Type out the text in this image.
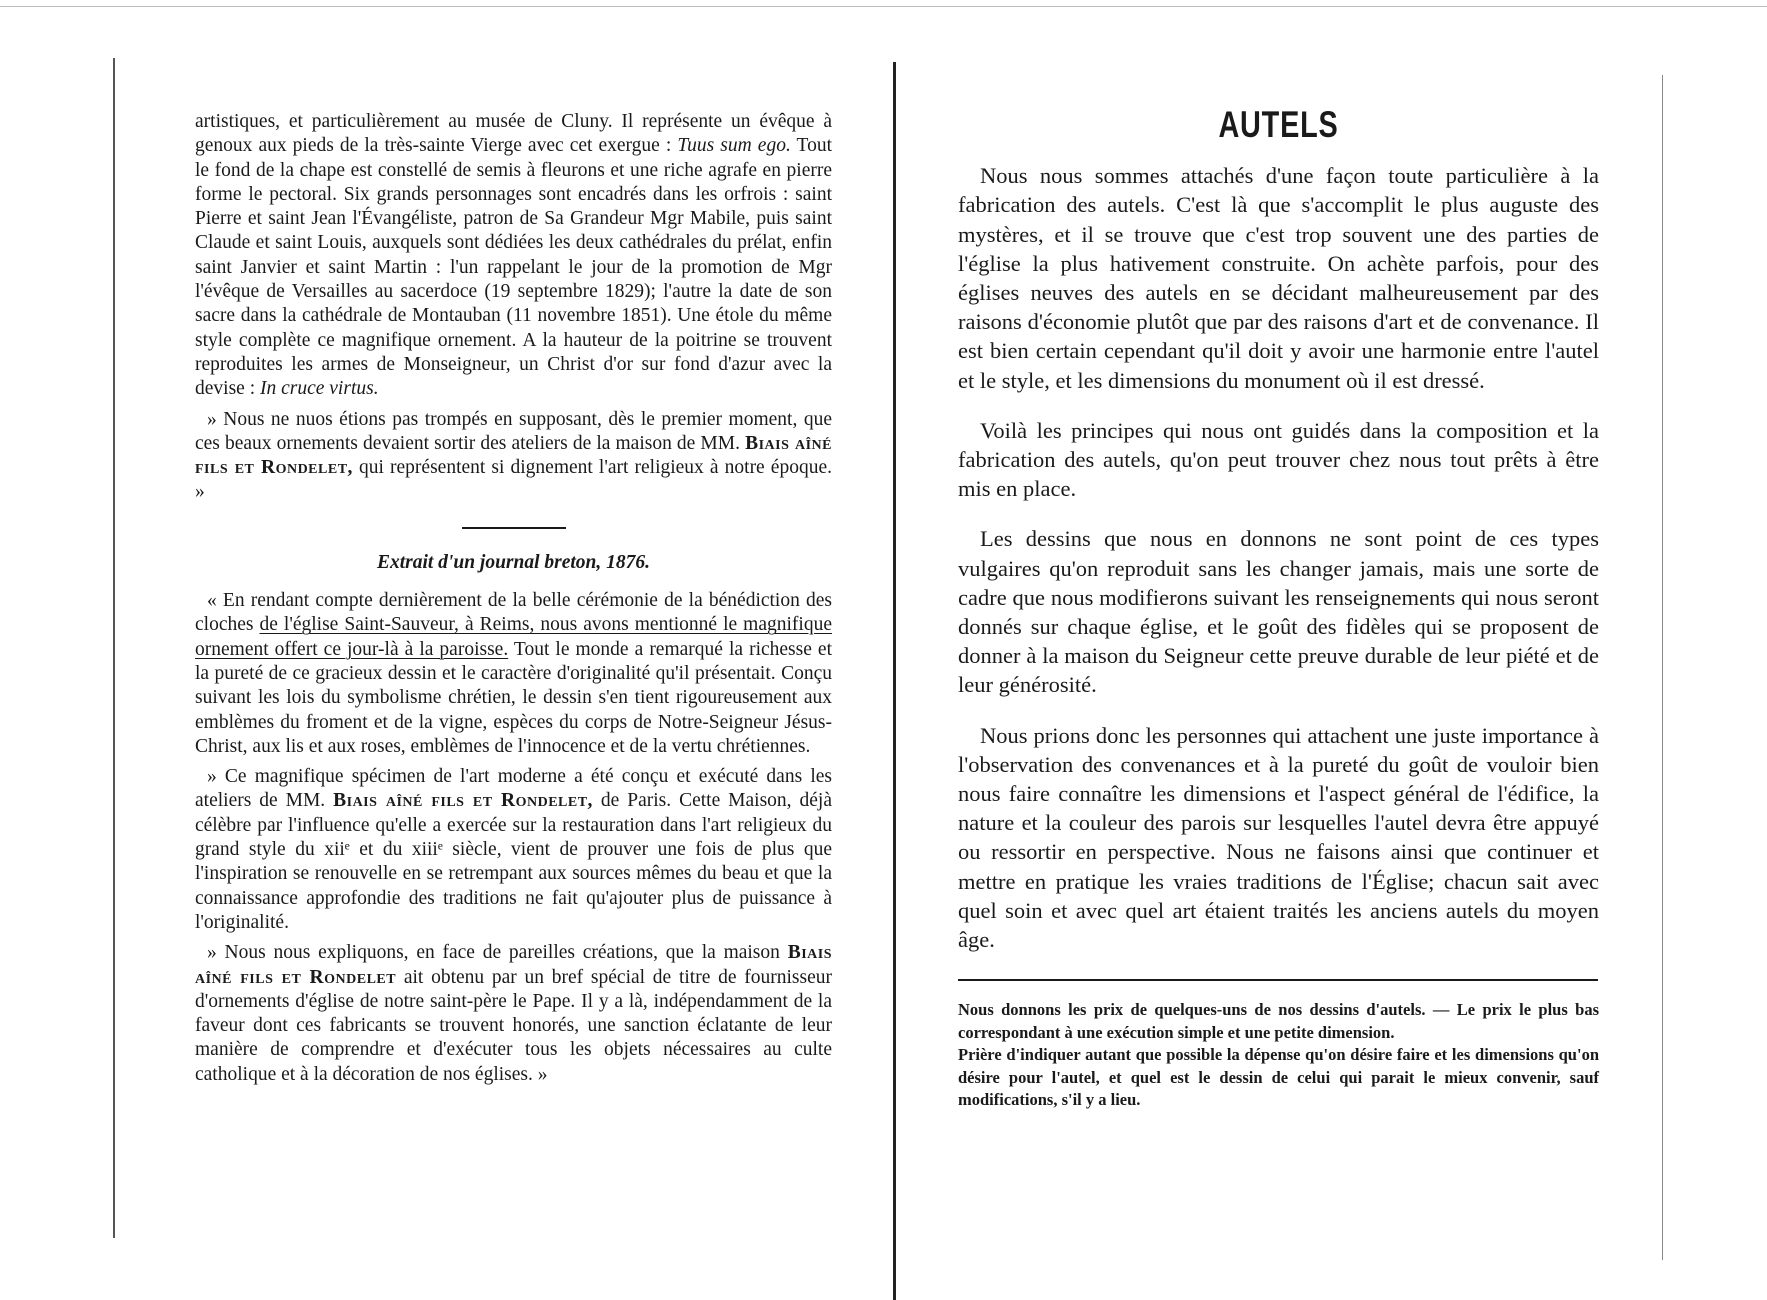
artistiques, et particulièrement au musée de Cluny. Il représente un évêque à genoux aux pieds de la très-sainte Vierge avec cet exergue : Tuus sum ego. Tout le fond de la chape est constellé de semis à fleurons et une riche agrafe en pierre forme le pectoral. Six grands personnages sont encadrés dans les orfrois : saint Pierre et saint Jean l'Évangéliste, patron de Sa Grandeur Mgr Mabile, puis saint Claude et saint Louis, auxquels sont dédiées les deux cathédrales du prélat, enfin saint Janvier et saint Martin : l'un rappelant le jour de la promotion de Mgr l'évêque de Versailles au sacerdoce (19 septembre 1829); l'autre la date de son sacre dans la cathédrale de Montauban (11 novembre 1851). Une étole du même style complète ce magnifique ornement. A la hauteur de la poitrine se trouvent reproduites les armes de Monseigneur, un Christ d'or sur fond d'azur avec la devise : In cruce virtus.

» Nous ne nuos étions pas trompés en supposant, dès le premier moment, que ces beaux ornements devaient sortir des ateliers de la maison de MM. Biais aîné fils et Rondelet, qui représentent si dignement l'art religieux à notre époque. »

Extrait d'un journal breton, 1876.

« En rendant compte dernièrement de la belle cérémonie de la bénédiction des cloches de l'église Saint-Sauveur, à Reims, nous avons mentionné le magnifique ornement offert ce jour-là à la paroisse. Tout le monde a remarqué la richesse et la pureté de ce gracieux dessin et le caractère d'originalité qu'il présentait. Conçu suivant les lois du symbolisme chrétien, le dessin s'en tient rigoureusement aux emblèmes du froment et de la vigne, espèces du corps de Notre-Seigneur Jésus-Christ, aux lis et aux roses, emblèmes de l'innocence et de la vertu chrétiennes.

» Ce magnifique spécimen de l'art moderne a été conçu et exécuté dans les ateliers de MM. Biais aîné fils et Rondelet, de Paris. Cette Maison, déjà célèbre par l'influence qu'elle a exercée sur la restauration dans l'art religieux du grand style du xiiᵉ et du xiiiᵉ siècle, vient de prouver une fois de plus que l'inspiration se renouvelle en se retrempant aux sources mêmes du beau et que la connaissance approfondie des traditions ne fait qu'ajouter plus de puissance à l'originalité.

» Nous nous expliquons, en face de pareilles créations, que la maison Biais aîné fils et Rondelet ait obtenu par un bref spécial de titre de fournisseur d'ornements d'église de notre saint-père le Pape. Il y a là, indépendamment de la faveur dont ces fabricants se trouvent honorés, une sanction éclatante de leur manière de comprendre et d'exécuter tous les objets nécessaires au culte catholique et à la décoration de nos églises. »

AUTELS

Nous nous sommes attachés d'une façon toute particulière à la fabrication des autels. C'est là que s'accomplit le plus auguste des mystères, et il se trouve que c'est trop souvent une des parties de l'église la plus hativement construite. On achète parfois, pour des églises neuves des autels en se décidant malheureusement par des raisons d'économie plutôt que par des raisons d'art et de convenance. Il est bien certain cependant qu'il doit y avoir une harmonie entre l'autel et le style, et les dimensions du monument où il est dressé.

Voilà les principes qui nous ont guidés dans la composition et la fabrication des autels, qu'on peut trouver chez nous tout prêts à être mis en place.

Les dessins que nous en donnons ne sont point de ces types vulgaires qu'on reproduit sans les changer jamais, mais une sorte de cadre que nous modifierons suivant les renseignements qui nous seront donnés sur chaque église, et le goût des fidèles qui se proposent de donner à la maison du Seigneur cette preuve durable de leur piété et de leur générosité.

Nous prions donc les personnes qui attachent une juste importance à l'observation des convenances et à la pureté du goût de vouloir bien nous faire connaître les dimensions et l'aspect général de l'édifice, la nature et la couleur des parois sur lesquelles l'autel devra être appuyé ou ressortir en perspective. Nous ne faisons ainsi que continuer et mettre en pratique les vraies traditions de l'Église; chacun sait avec quel soin et avec quel art étaient traités les anciens autels du moyen âge.

Nous donnons les prix de quelques-uns de nos dessins d'autels. — Le prix le plus bas correspondant à une exécution simple et une petite dimension.

Prière d'indiquer autant que possible la dépense qu'on désire faire et les dimensions qu'on désire pour l'autel, et quel est le dessin de celui qui parait le mieux convenir, sauf modifications, s'il y a lieu.
